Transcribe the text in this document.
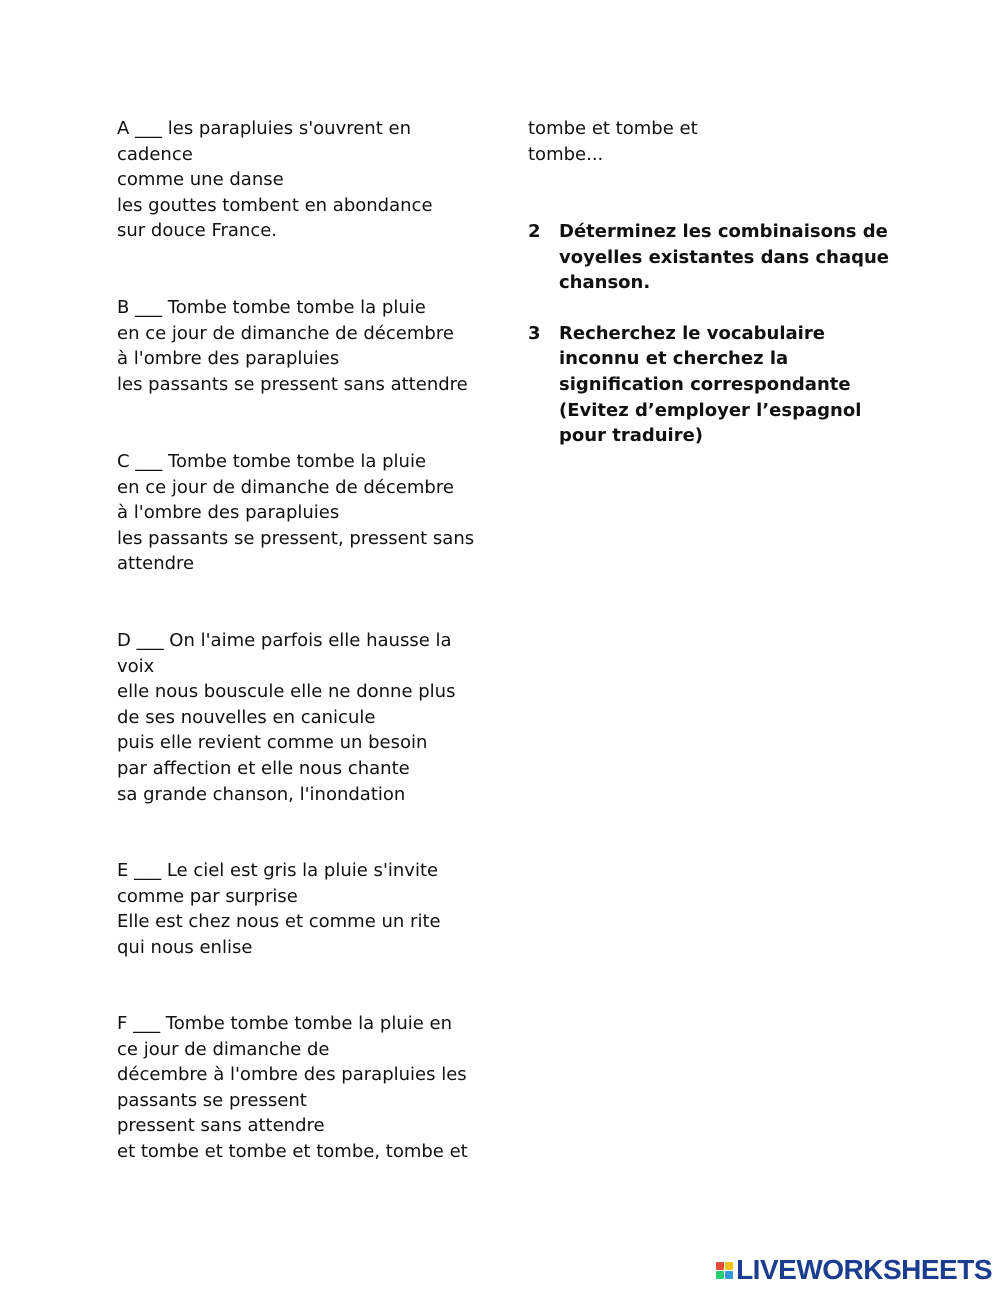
A ___ les parapluies s'ouvrent en
cadence
comme une danse
les gouttes tombent en abondance
sur douce France.
B ___ Tombe tombe tombe la pluie
en ce jour de dimanche de décembre
à l'ombre des parapluies
les passants se pressent sans attendre
C ___ Tombe tombe tombe la pluie
en ce jour de dimanche de décembre
à l'ombre des parapluies
les passants se pressent, pressent sans
attendre
D ___ On l'aime parfois elle hausse la
voix
elle nous bouscule elle ne donne plus
de ses nouvelles en canicule
puis elle revient comme un besoin
par affection et elle nous chante
sa grande chanson, l'inondation
E ___ Le ciel est gris la pluie s'invite
comme par surprise
Elle est chez nous et comme un rite
qui nous enlise
F ___ Tombe tombe tombe la pluie en
ce jour de dimanche de
décembre à l'ombre des parapluies les
passants se pressent
pressent sans attendre
et tombe et tombe et tombe, tombe et
tombe et tombe et
tombe...
2	Déterminez les combinaisons de
voyelles existantes dans chaque
chanson.
3	Recherchez le vocabulaire
inconnu et cherchez la
signification correspondante
(Evitez d’employer l’espagnol
pour traduire)
LIVEWORKSHEETS
